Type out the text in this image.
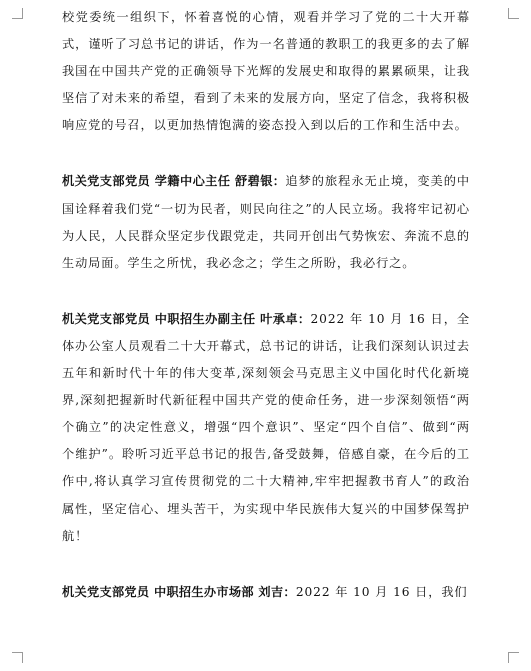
校党委统一组织下，怀着喜悦的心情，观看并学习了党的二十大开幕式，谨听了习总书记的讲话，作为一名普通的教职工的我更多的去了解我国在中国共产党的正确领导下光辉的发展史和取得的累累硕果，让我坚信了对未来的希望，看到了未来的发展方向，坚定了信念，我将积极响应党的号召，以更加热情饱满的姿态投入到以后的工作和生活中去。

机关党支部党员 学籍中心主任 舒碧银：追梦的旅程永无止境，变美的中国诠释着我们党“一切为民者，则民向往之”的人民立场。我将牢记初心为人民，人民群众坚定步伐跟党走，共同开创出气势恢宏、奔流不息的生动局面。学生之所忧，我必念之；学生之所盼，我必行之。

机关党支部党员 中职招生办副主任 叶承卓：2022 年 10 月 16 日，全体办公室人员观看二十大开幕式，总书记的讲话，让我们深刻认识过去五年和新时代十年的伟大变革,深刻领会马克思主义中国化时代化新境界,深刻把握新时代新征程中国共产党的使命任务，进一步深刻领悟“两个确立”的决定性意义，增强“四个意识”、坚定“四个自信”、做到“两个维护”。聆听习近平总书记的报告,备受鼓舞，倍感自豪，在今后的工作中,将认真学习宣传贯彻党的二十大精神,牢牢把握教书育人”的政治属性，坚定信心、埋头苦干，为实现中华民族伟大复兴的中国梦保驾护航！

机关党支部党员 中职招生办市场部 刘吉：2022 年 10 月 16 日，我们
